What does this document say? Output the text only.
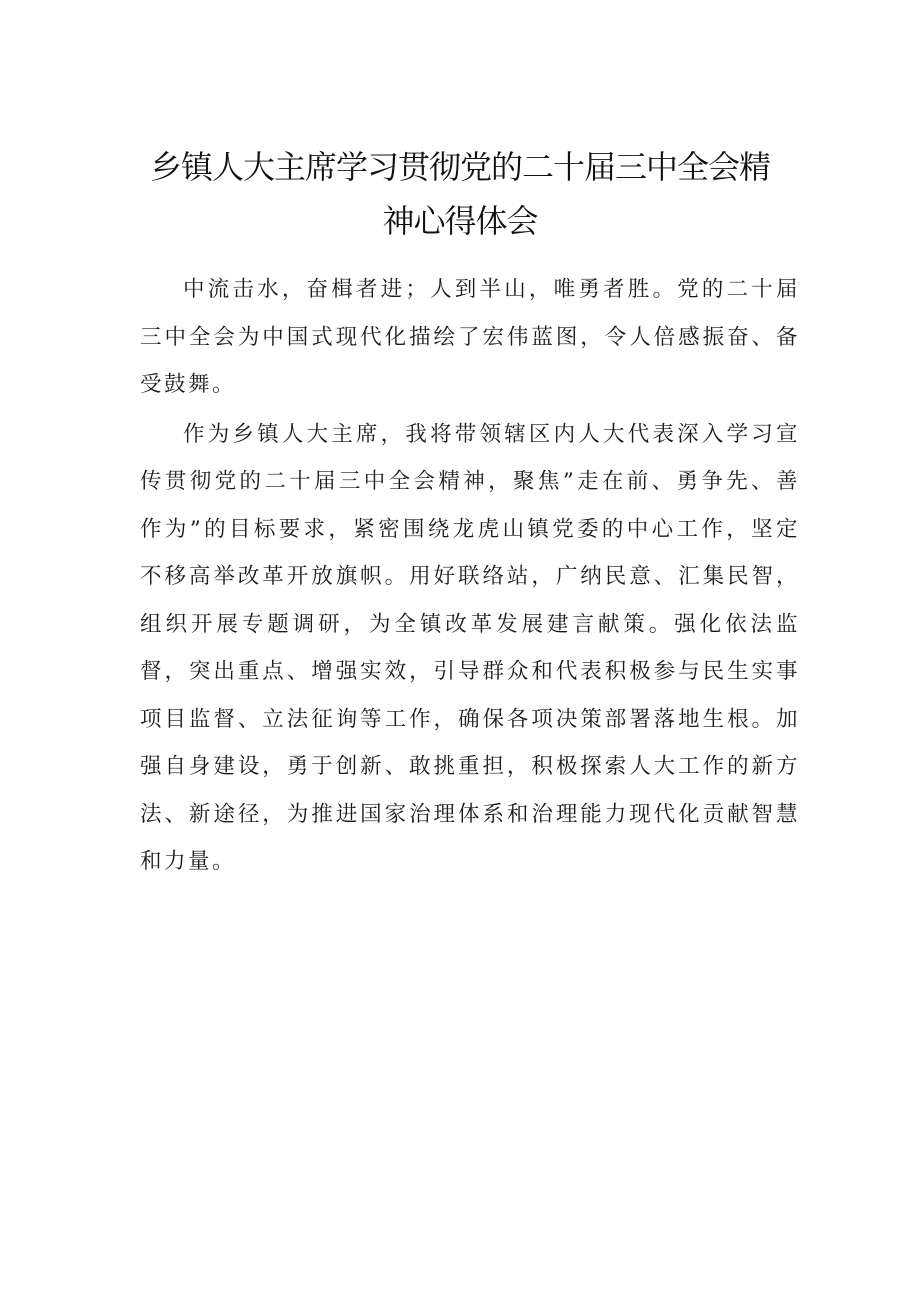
乡镇人大主席学习贯彻党的二十届三中全会精
神心得体会

中流击水，奋楫者进；人到半山，唯勇者胜。党的二十届三中全会为中国式现代化描绘了宏伟蓝图，令人倍感振奋、备受鼓舞。

作为乡镇人大主席，我将带领辖区内人大代表深入学习宣传贯彻党的二十届三中全会精神，聚焦”走在前、勇争先、善作为”的目标要求，紧密围绕龙虎山镇党委的中心工作，坚定不移高举改革开放旗帜。用好联络站，广纳民意、汇集民智，组织开展专题调研，为全镇改革发展建言献策。强化依法监督，突出重点、增强实效，引导群众和代表积极参与民生实事项目监督、立法征询等工作，确保各项决策部署落地生根。加强自身建设，勇于创新、敢挑重担，积极探索人大工作的新方法、新途径，为推进国家治理体系和治理能力现代化贡献智慧和力量。
